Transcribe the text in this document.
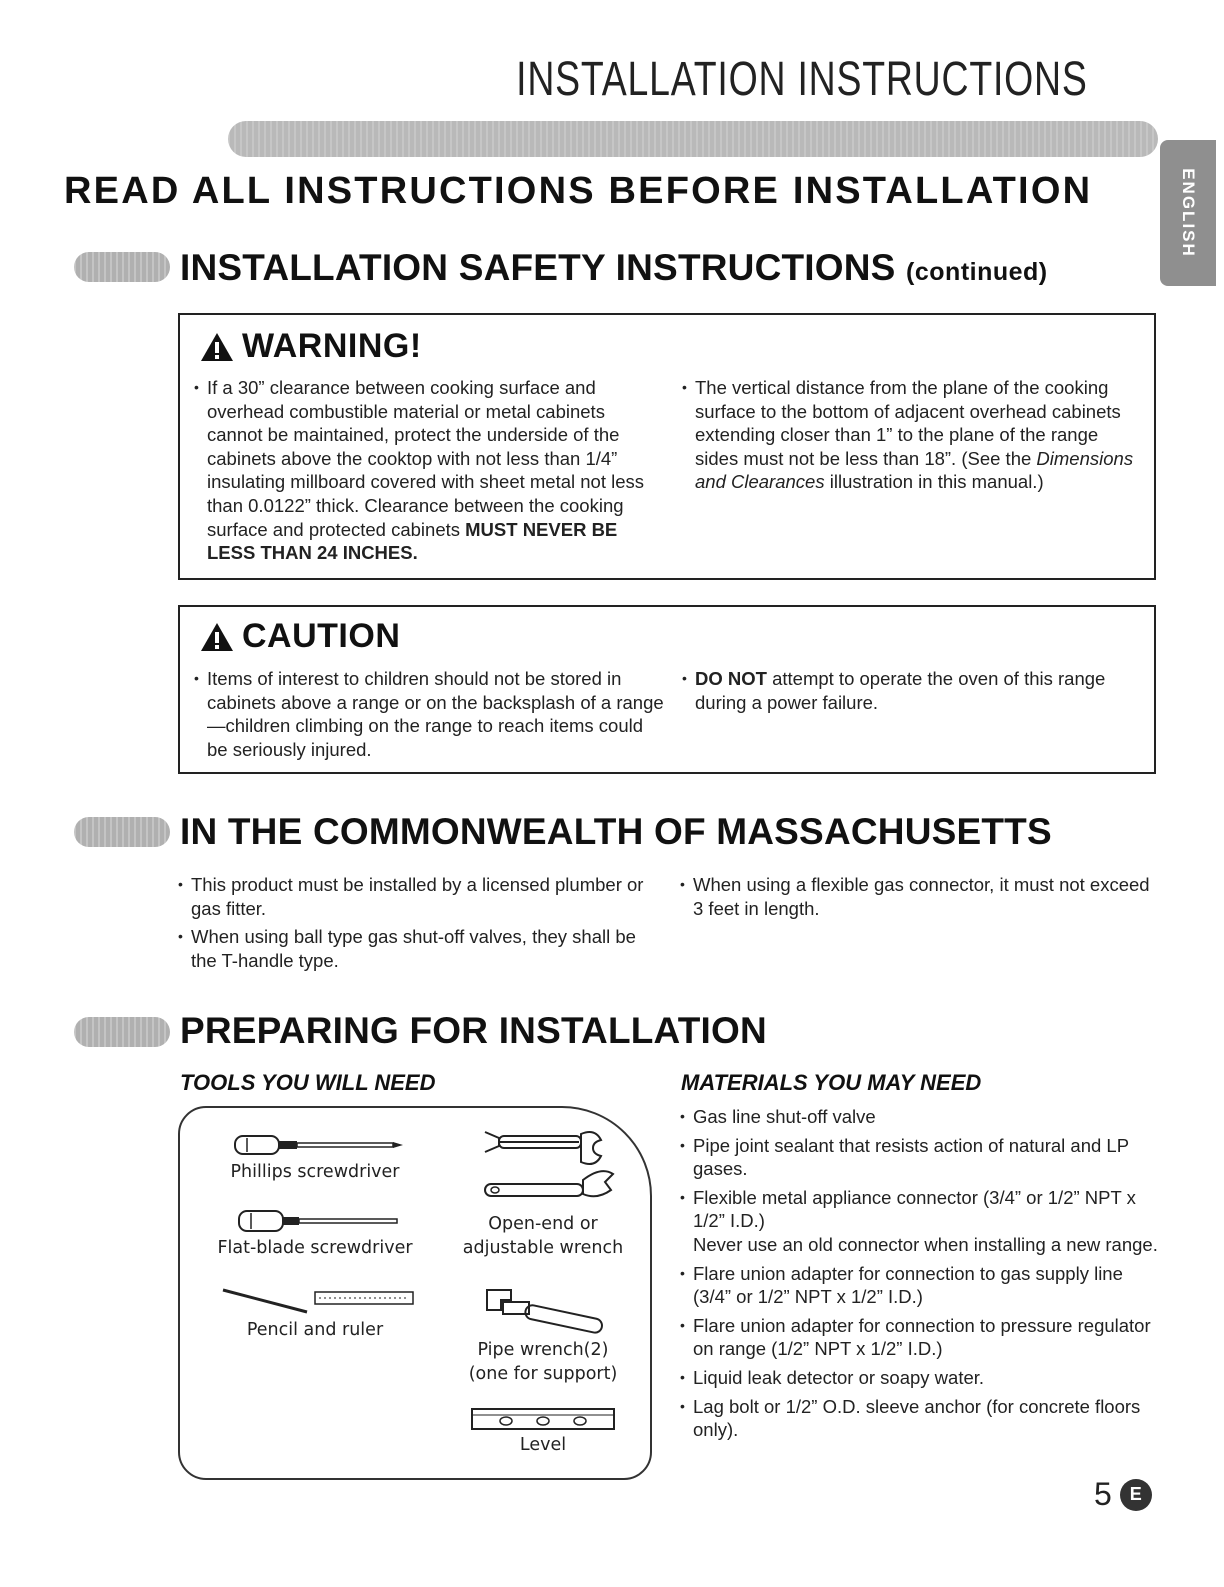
INSTALLATION INSTRUCTIONS
ENGLISH
READ ALL INSTRUCTIONS BEFORE INSTALLATION
INSTALLATION SAFETY INSTRUCTIONS (continued)
WARNING!
• If a 30” clearance between cooking surface and overhead combustible material or metal cabinets cannot be maintained, protect the underside of the cabinets above the cooktop with not less than 1/4” insulating millboard covered with sheet metal not less than 0.0122” thick. Clearance between the cooking surface and protected cabinets MUST NEVER BE LESS THAN 24 INCHES.
• The vertical distance from the plane of the cooking surface to the bottom of adjacent overhead cabinets extending closer than 1” to the plane of the range sides must not be less than 18”. (See the Dimensions and Clearances illustration in this manual.)
CAUTION
• Items of interest to children should not be stored in cabinets above a range or on the backsplash of a range—children climbing on the range to reach items could be seriously injured.
• DO NOT attempt to operate the oven of this range during a power failure.
IN THE COMMONWEALTH OF MASSACHUSETTS
• This product must be installed by a licensed plumber or gas fitter.
• When using ball type gas shut-off valves, they shall be the T-handle type.
• When using a flexible gas connector, it must not exceed 3 feet in length.
PREPARING FOR INSTALLATION
TOOLS YOU WILL NEED	MATERIALS YOU MAY NEED
Phillips screwdriver
Flat-blade screwdriver
Pencil and ruler
Open-end or
adjustable wrench
Pipe wrench(2)
(one for support)
Level
• Gas line shut-off valve
• Pipe joint sealant that resists action of natural and LP gases.
• Flexible metal appliance connector (3/4” or 1/2” NPT x 1/2” I.D.)
Never use an old connector when installing a new range.
• Flare union adapter for connection to gas supply line (3/4” or 1/2” NPT x 1/2” I.D.)
• Flare union adapter for connection to pressure regulator on range (1/2” NPT x 1/2” I.D.)
• Liquid leak detector or soapy water.
• Lag bolt or 1/2” O.D. sleeve anchor (for concrete floors only).
5 E
